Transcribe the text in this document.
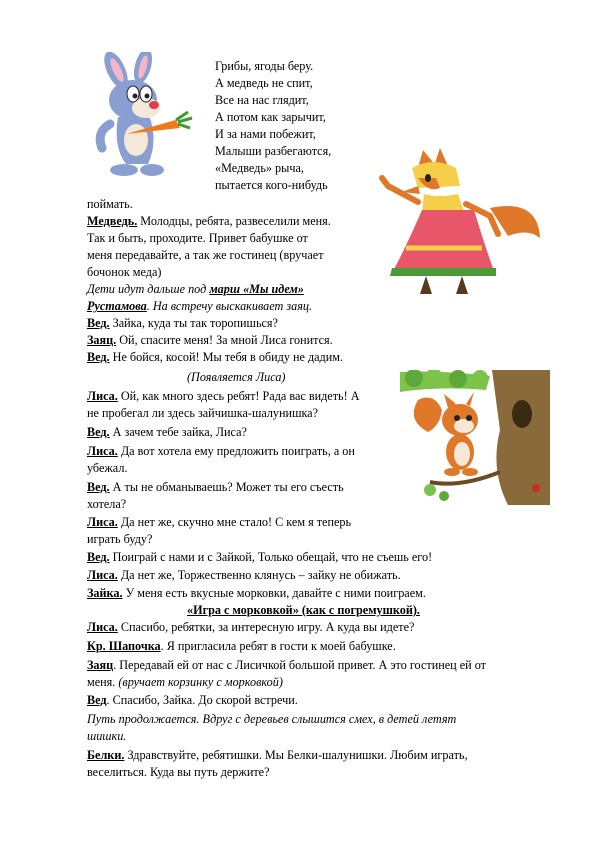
Грибы, ягоды беру.
А медведь не спит,
Все на нас глядит,
А потом как зарычит,
И за нами побежит,
Малыши разбегаются,
«Медведь» рыча,
пытается кого-нибудь
поймать.
Медведь. Молодцы, ребята, развеселили меня.
Так и быть, проходите. Привет бабушке от
меня передавайте, а так же гостинец (вручает
бочонок меда)
Дети идут дальше под марш «Мы идем»
Рустамова. На встречу выскакивает заяц.
Вед. Зайка, куда ты так торопишься?
Заяц. Ой, спасите меня! За мной Лиса гонится.
Вед. Не бойся, косой! Мы тебя в обиду не дадим.
(Появляется Лиса)
Лиса. Ой, как много здесь ребят! Рада вас видеть! А
не пробегал ли здесь зайчишка-шалунишка?
Вед. А зачем тебе зайка, Лиса?
Лиса. Да вот хотела ему предложить поиграть, а он
убежал.
Вед. А ты не обманываешь? Может ты его съесть
хотела?
Лиса. Да нет же, скучно мне стало! С кем я теперь
играть буду?
Вед. Поиграй с нами и с Зайкой, Только обещай, что не съешь его!
Лиса. Да нет же, Торжественно клянусь – зайку не обижать.
Зайка. У меня есть вкусные морковки, давайте с ними поиграем.
«Игра с морковкой» (как с погремушкой).
Лиса. Спасибо, ребятки, за интересную игру. А куда вы идете?
Кр. Шапочка. Я пригласила ребят в гости к моей бабушке.
Заяц. Передавай ей от нас с Лисичкой большой привет. А это гостинец ей от
меня. (вручает корзинку с морковкой)
Вед. Спасибо, Зайка. До скорой встречи.
Путь продолжается. Вдруг с деревьев слышится смех, в детей летят
шишки.
Белки. Здравствуйте, ребятишки. Мы Белки-шалунишки. Любим играть,
веселиться. Куда вы путь держите?
